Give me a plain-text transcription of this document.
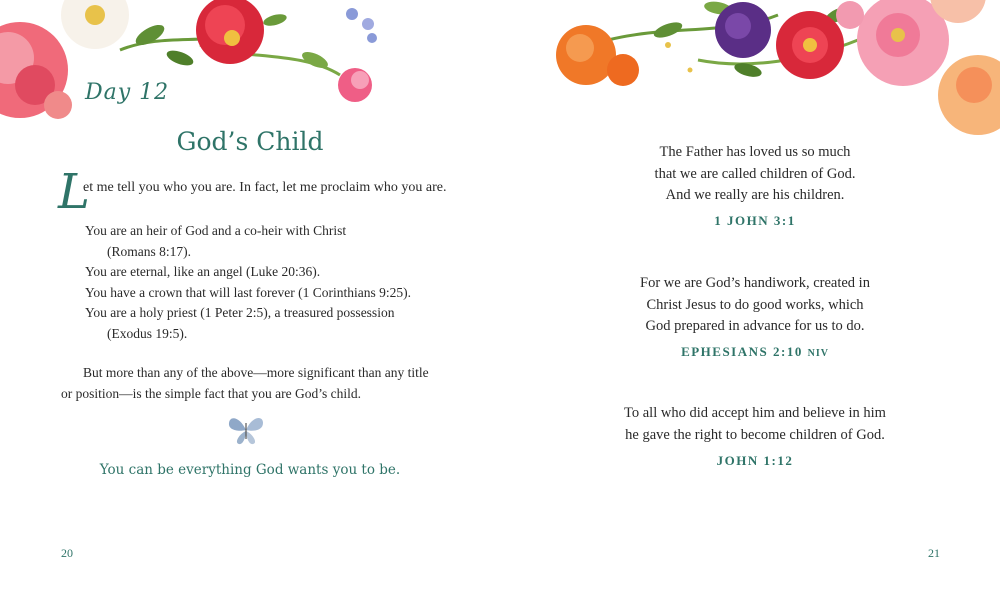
Day 12
God’s Child
L
et me tell you who you are. In fact, let me proclaim who you are.
You are an heir of God and a co-heir with Christ
(Romans 8:17).
You are eternal, like an angel (Luke 20:36).
You have a crown that will last forever (1 Corinthians 9:25).
You are a holy priest (1 Peter 2:5), a treasured possession
(Exodus 19:5).
But more than any of the above—more significant than any title
or position—is the simple fact that you are God’s child.
You can be everything God wants you to be.
20
The Father has loved us so much
that we are called children of God.
And we really are his children.
1 JOHN 3:1
For we are God’s handiwork, created in
Christ Jesus to do good works, which
God prepared in advance for us to do.
EPHESIANS 2:10 NIV
To all who did accept him and believe in him
he gave the right to become children of God.
JOHN 1:12
21
